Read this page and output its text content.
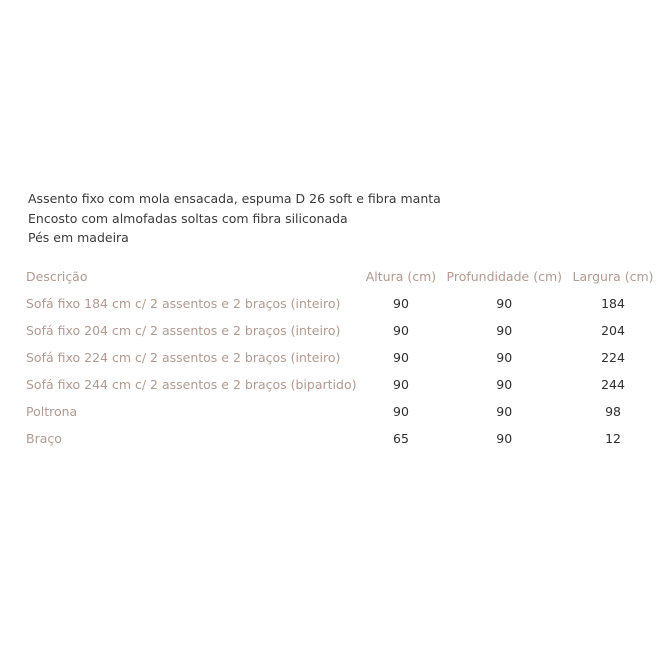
Assento fixo com mola ensacada, espuma D 26 soft e fibra manta
Encosto com almofadas soltas com fibra siliconada
Pés em madeira
Descrição	Altura (cm)	Profundidade (cm)	Largura (cm)
Sofá fixo 184 cm c/ 2 assentos e 2 braços (inteiro)	90	90	184
Sofá fixo 204 cm c/ 2 assentos e 2 braços (inteiro)	90	90	204
Sofá fixo 224 cm c/ 2 assentos e 2 braços (inteiro)	90	90	224
Sofá fixo 244 cm c/ 2 assentos e 2 braços (bipartido)	90	90	244
Poltrona	90	90	98
Braço	65	90	12
